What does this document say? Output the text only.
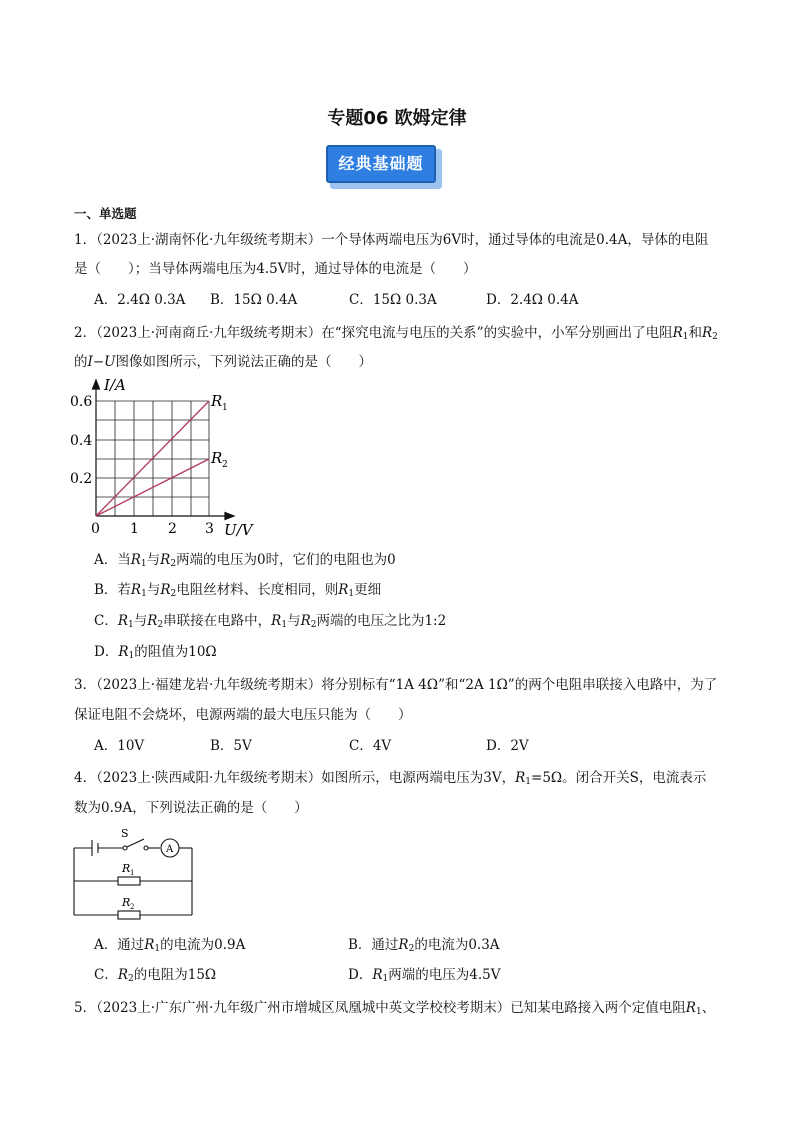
专题06 欧姆定律
经典基础题
一、单选题
1．（2023上·湖南怀化·九年级统考期末）一个导体两端电压为6V时，通过导体的电流是0.4A，导体的电阻
是（　　）；当导体两端电压为4.5V时，通过导体的电流是（　　）
A．2.4Ω 0.3A B．15Ω 0.4A	C．15Ω 0.3A	D．2.4Ω 0.4A
2．（2023上·河南商丘·九年级统考期末）在“探究电流与电压的关系”的实验中，小军分别画出了电阻$R_1$和$R_2$
的I−U图像如图所示，下列说法正确的是（　　）
I/A
U/V
0.6
0.4
0.2
0 1 2 3
R 1
R 2
A．当$R_1$与$R_2$两端的电压为0时，它们的电阻也为0
B．若$R_1$与$R_2$电阻丝材料、长度相同，则$R_1$更细
C．$R_1$与$R_2$串联接在电路中，$R_1$与$R_2$两端的电压之比为1:2
D．$R_1$的阻值为10Ω
3．（2023上·福建龙岩·九年级统考期末）将分别标有“1A 4Ω”和“2A 1Ω”的两个电阻串联接入电路中，为了
保证电阻不会烧坏，电源两端的最大电压只能为（　　）
A．10V	B．5V	C．4V	D．2V
4．（2023上·陕西咸阳·九年级统考期末）如图所示，电源两端电压为3V，$R_1=5\Omega$。闭合开关S，电流表示
数为0.9A，下列说法正确的是（　　）
S
A
R 1
R 2
A．通过$R_1$的电流为0.9A	B．通过$R_2$的电流为0.3A
C．$R_2$的电阻为15Ω	D．$R_1$两端的电压为4.5V
5．（2023上·广东广州·九年级广州市增城区凤凰城中英文学校校考期末）已知某电路接入两个定值电阻$R_1$、
